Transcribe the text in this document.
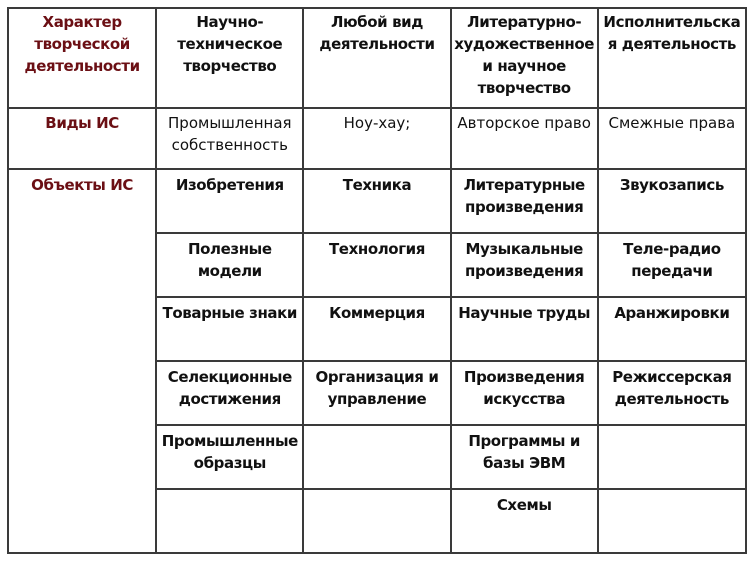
Характер творческой деятельности	Научно-техническое творчество	Любой вид деятельности	Литературно-художественное и научное творчество	Исполнительская деятельность
Виды ИС	Промышленная собственность	Ноу-хау;	Авторское право	Смежные права
Объекты ИС	Изобретения	Техника	Литературные произведения	Звукозапись
	Полезные модели	Технология	Музыкальные произведения	Теле-радио передачи
	Товарные знаки	Коммерция	Научные труды	Аранжировки
	Селекционные достижения	Организация и управление	Произведения искусства	Режиссерская деятельность
	Промышленные образцы		Программы и базы ЭВМ	
			Схемы	
